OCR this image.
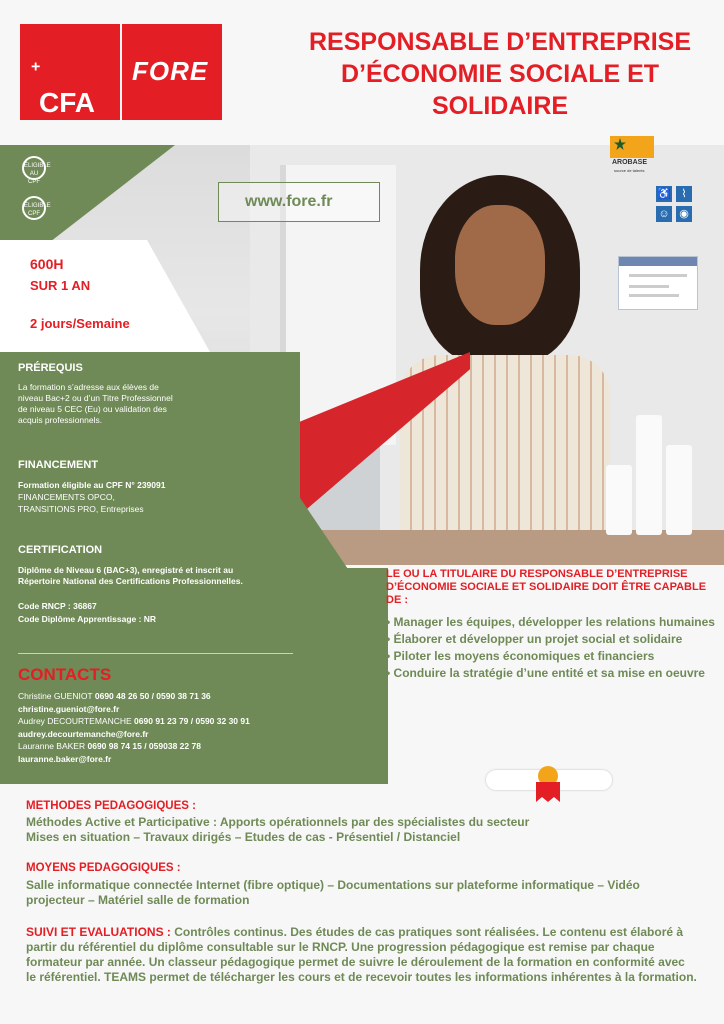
CFA
+	FORE
RESPONSABLE D’ENTREPRISE D’ÉCONOMIE SOCIALE ET SOLIDAIRE
AROBASE
source de talents
♿ ⌇
☺ ◉
www.fore.fr
ÉLIGIBLE AU CPF
ÉLIGIBLE CPF
600H
SUR 1 AN
2 jours/Semaine
PRÉREQUIS
La formation s’adresse aux élèves de niveau Bac+2 ou d’un Titre Professionnel de niveau 5 CEC (Eu) ou validation des acquis professionnels.
FINANCEMENT
Formation éligible au CPF N° 239091
FINANCEMENTS OPCO,
TRANSITIONS PRO, Entreprises
CERTIFICATION
Diplôme de Niveau 6 (BAC+3), enregistré et inscrit au Répertoire National des Certifications Professionnelles.
Code RNCP : 36867
Code Diplôme Apprentissage : NR
CONTACTS
Christine GUENIOT 0690 48 26 50 / 0590 38 71 36
christine.gueniot@fore.fr
Audrey DECOURTEMANCHE 0690 91 23 79 / 0590 32 30 91
audrey.decourtemanche@fore.fr
Lauranne BAKER 0690 98 74 15 / 059038 22 78
lauranne.baker@fore.fr
LE OU LA TITULAIRE DU RESPONSABLE D’ENTREPRISE D’ÉCONOMIE SOCIALE ET SOLIDAIRE DOIT ÊTRE CAPABLE DE :
• Manager les équipes, développer les relations humaines
• Élaborer et développer un projet social et solidaire
• Piloter les moyens économiques et financiers
• Conduire la stratégie d’une entité et sa mise en oeuvre
METHODES PEDAGOGIQUES :
Méthodes Active et Participative : Apports opérationnels par des spécialistes du secteur
Mises en situation – Travaux dirigés – Etudes de cas - Présentiel / Distanciel
MOYENS PEDAGOGIQUES :
Salle informatique connectée Internet (fibre optique) – Documentations sur plateforme informatique – Vidéo projecteur – Matériel salle de formation
SUIVI ET EVALUATIONS : Contrôles continus. Des études de cas pratiques sont réalisées. Le contenu est élaboré à partir du référentiel du diplôme consultable sur le RNCP. Une progression pédagogique est remise par chaque formateur par année. Un classeur pédagogique permet de suivre le déroulement de la formation en conformité avec le référentiel. TEAMS permet de télécharger les cours et de recevoir toutes les informations inhérentes à la formation.
